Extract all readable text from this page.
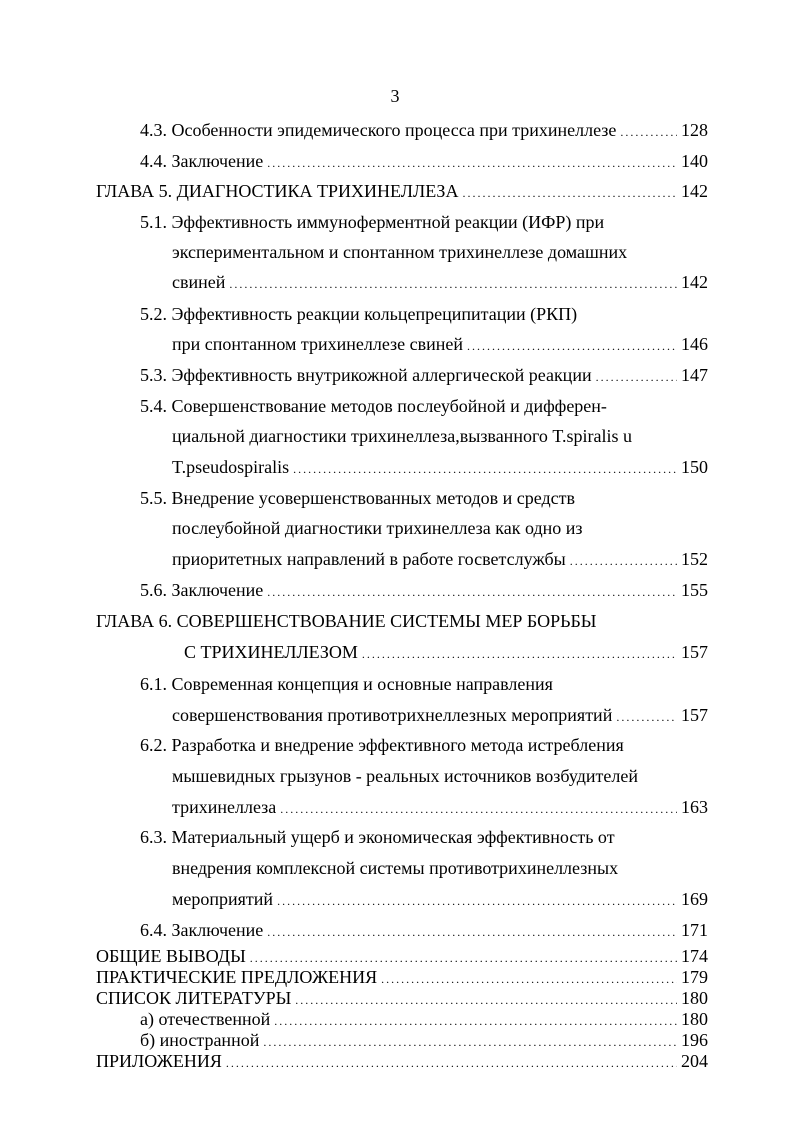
3
4.3. Особенности эпидемического процесса при трихинеллезе . . .	128
4.4. Заключение . . .	140
ГЛАВА 5. ДИАГНОСТИКА ТРИХИНЕЛЛЕЗА . . .	142
5.1. Эффективность иммуноферментной реакции (ИФР) при
экспериментальном и спонтанном трихинеллезе домашних
свиней . . .	142
5.2. Эффективность реакции кольцепреципитации (РКП)
при спонтанном трихинеллезе свиней . . .	146
5.3. Эффективность внутрикожной аллергической реакции . . .	147
5.4. Совершенствование методов послеубойной и дифферен-
циальной диагностики трихинеллеза,вызванного T.spiralis u
T.pseudospiralis . . .	150
5.5. Внедрение усовершенствованных методов и средств
послеубойной диагностики трихинеллеза как одно из
приоритетных направлений в работе госветслужбы . . .	152
5.6. Заключение . . .	155
ГЛАВА 6. СОВЕРШЕНСТВОВАНИЕ СИСТЕМЫ МЕР БОРЬБЫ
С ТРИХИНЕЛЛЕЗОМ . . .	157
6.1. Современная концепция и основные направления
совершенствования противотрихнеллезных мероприятий . . .	157
6.2. Разработка и внедрение эффективного метода истребления
мышевидных грызунов - реальных источников возбудителей
трихинеллеза . . .	163
6.3. Материальный ущерб и экономическая эффективность от
внедрения комплексной системы противотрихинеллезных
мероприятий . . .	169
6.4. Заключение . . .	171
ОБЩИЕ ВЫВОДЫ . . .	174
ПРАКТИЧЕСКИЕ ПРЕДЛОЖЕНИЯ . . .	179
СПИСОК ЛИТЕРАТУРЫ . . .	180
а) отечественной . . .	180
б) иностранной . . .	196
ПРИЛОЖЕНИЯ . . .	204
